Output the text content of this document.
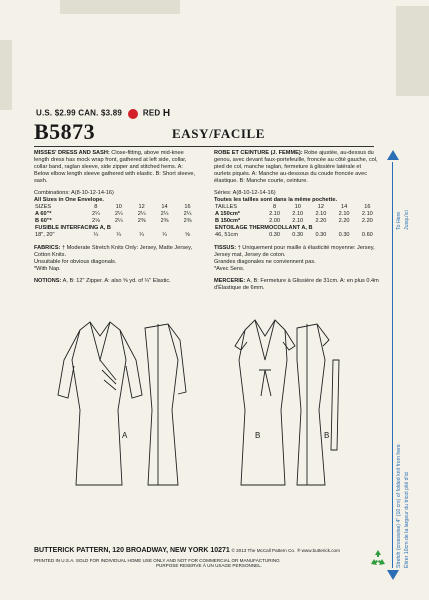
U.S. $2.99 CAN. $3.89	RED H
B5873	EASY/FACILE

MISSES' DRESS AND SASH: Close-fitting, above mid-knee length dress has mock wrap front, gathered at left side, collar, collar band, raglan sleeve, side zipper and stitched hems. A: Below elbow length sleeve gathered with elastic. B: Short sleeve, sash.

Combinations: A(8-10-12-14-16)
All Sizes in One Envelope.
SIZES	8	10	12	14	16
A 60"*	2¼	2¼	2¼	2¼	2¼
B 60"*	2⅛	2¼	2⅜	2⅜	2⅜
FUSIBLE INTERFACING A, B					
18", 20"	¼	¼	¼	¼	⅝

FABRICS: † Moderate Stretch Knits Only: Jersey, Matte Jersey, Cotton Knits.
Unsuitable for obvious diagonals.
*With Nap.

NOTIONS: A, B: 12" Zipper. A: also ⅝ yd. of ¼" Elastic.

ROBE ET CEINTURE (J. FEMME): Robe ajustée, au-dessus du genou, avec devant faux-portefeuille, froncée au côté gauche, col, pied de col, manche raglan, fermeture à glissière latérale et ourlets piqués. A: Manche au-dessous du coude froncée avec élastique. B: Manche courte, ceinture.

Séries: A(8-10-12-14-16)
Toutes les tailles sont dans la même pochette.
TAILLES	8	10	12	14	16
A 150cm*	2.10	2.10	2.10	2.10	2.10
B 150cm*	2.00	2.10	2.20	2.20	2.20
ENTOILAGE THERMOCOLLANT A, B					
46, 51cm	0.30	0.30	0.30	0.30	0.60

TISSUS: † Uniquement pour maille à élasticité moyenne: Jersey, Jersey mat, Jersey de coton.
Grandes diagonales ne conviennent pas.
*Avec Sens.

MERCERIE: A, B: Fermeture à Glissière de 31cm. A: en plus 0.4m d'Élastique de 6mm.

A	B	B
To Here Jusqu'ici
Stretch (crosswise) 4" (10 cm) of folded knit from here Étirer 10cm de la largeur du tricot plié d'ici
BUTTERICK PATTERN, 120 BROADWAY, NEW YORK 10271 © 2013 The McCall Pattern Co. ® www.butterick.com
PRINTED IN U.S.A. SOLD FOR INDIVIDUAL HOME USE ONLY AND NOT FOR COMMERCIAL OR MANUFACTURING
PURPOSE RESERVE À UN USAGE PERSONNEL.
